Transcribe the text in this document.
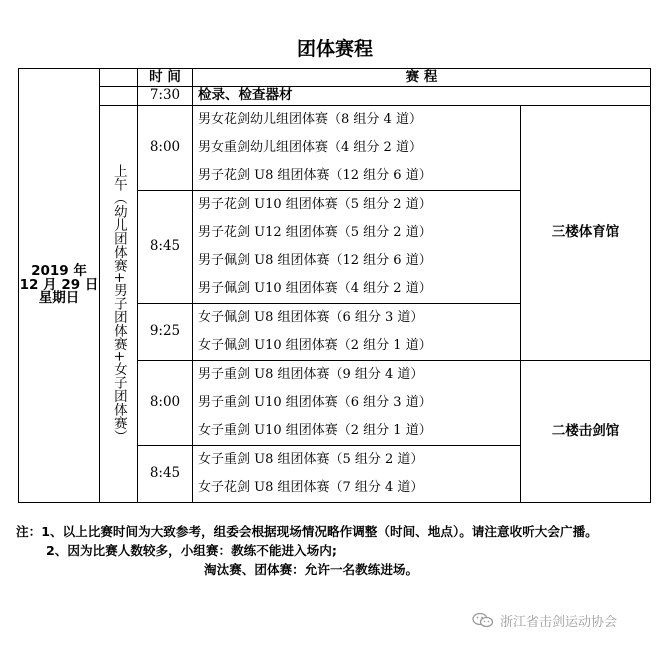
团体赛程
2019 年
12 月 29 日
星期日		时 间	赛 程	
		7:30	检录、检查器材	

	上午（幼儿团体赛+男子团体赛+女子团体赛）	8:00	男女花剑幼儿组团体赛（8 组分 4 道）
男女重剑幼儿组团体赛（4 组分 2 道）
男子花剑 U8 组团体赛（12 组分 6 道）	三楼体育馆
		8:45	男子花剑 U10 组团体赛（5 组分 2 道）
男子花剑 U12 组团体赛（5 组分 2 道）
男子佩剑 U8 组团体赛（12 组分 6 道）
男子佩剑 U10 组团体赛（4 组分 2 道）	

		9:25	女子佩剑 U8 组团体赛（6 组分 3 道）
女子佩剑 U10 组团体赛（2 组分 1 道）	

		8:00	男子重剑 U8 组团体赛（9 组分 4 道）
男子重剑 U10 组团体赛（6 组分 3 道）
女子重剑 U10 组团体赛（2 组分 1 道）	二楼击剑馆
		8:45	女子重剑 U8 组团体赛（5 组分 2 道）
女子花剑 U8 组团体赛（7 组分 4 道）	
注：1、以上比赛时间为大致参考，组委会根据现场情况略作调整（时间、地点）。请注意收听大会广播。
2、因为比赛人数较多，小组赛：教练不能进入场内;
淘汰赛、团体赛：允许一名教练进场。
浙江省击剑运动协会
